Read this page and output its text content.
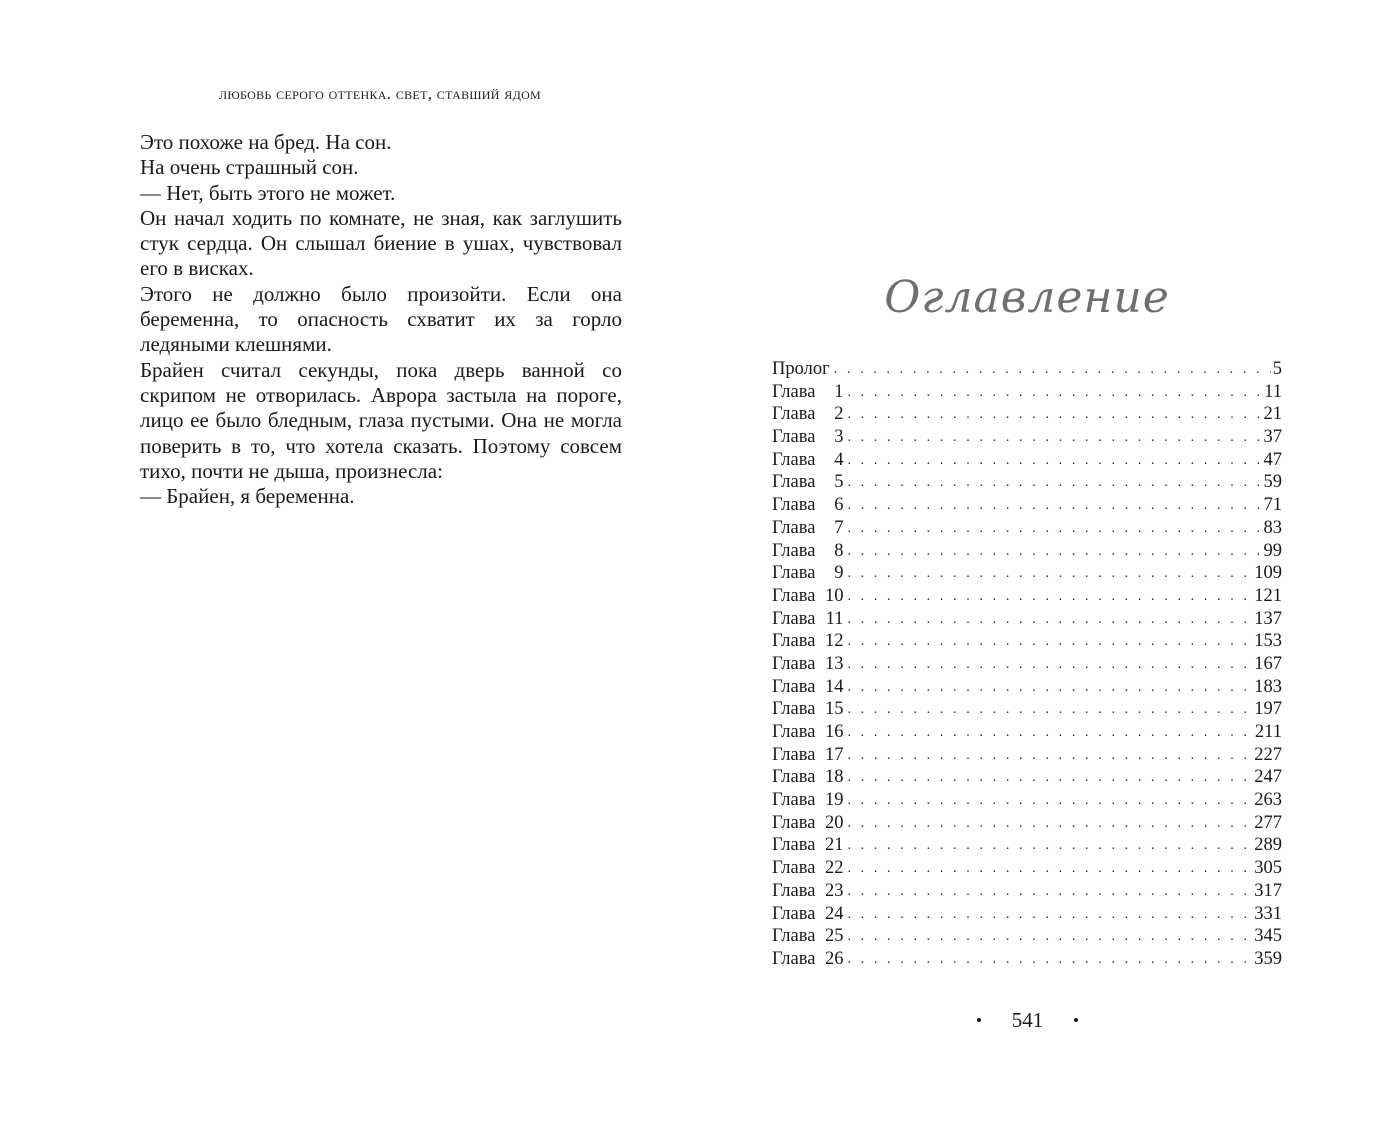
любовь серого оттенка. свет, ставший ядом

Это похоже на бред. На сон.

На очень страшный сон.

— Нет, быть этого не может.

Он начал ходить по комнате, не зная, как заглушить стук сердца. Он слышал биение в ушах, чувствовал его в висках.

Этого не должно было произойти. Если она беременна, то опасность схватит их за горло ледяными клешнями.

Брайен считал секунды, пока дверь ванной со скрипом не отворилась. Аврора застыла на пороге, лицо ее было бледным, глаза пустыми. Она не могла поверить в то, что хотела сказать. Поэтому совсем тихо, почти не дыша, произнесла:

— Брайен, я беременна.

Оглавление
Пролог . . .	5
Глава	1 . . .	11
Глава	2 . . .	21
Глава	3 . . .	37
Глава	4 . . .	47
Глава	5 . . .	59
Глава	6 . . .	71
Глава	7 . . .	83
Глава	8 . . .	99
Глава	9 . . .	109
Глава 10 . . .	121
Глава 11 . . .	137
Глава 12 . . .	153
Глава 13 . . .	167
Глава 14 . . .	183
Глава 15 . . .	197
Глава 16 . . .	211
Глава 17 . . .	227
Глава 18 . . .	247
Глава 19 . . .	263
Глава 20 . . .	277
Глава 21 . . .	289
Глава 22 . . .	305
Глава 23 . . .	317
Глава 24 . . .	331
Глава 25 . . .	345
Глава 26 . . .	359
541
